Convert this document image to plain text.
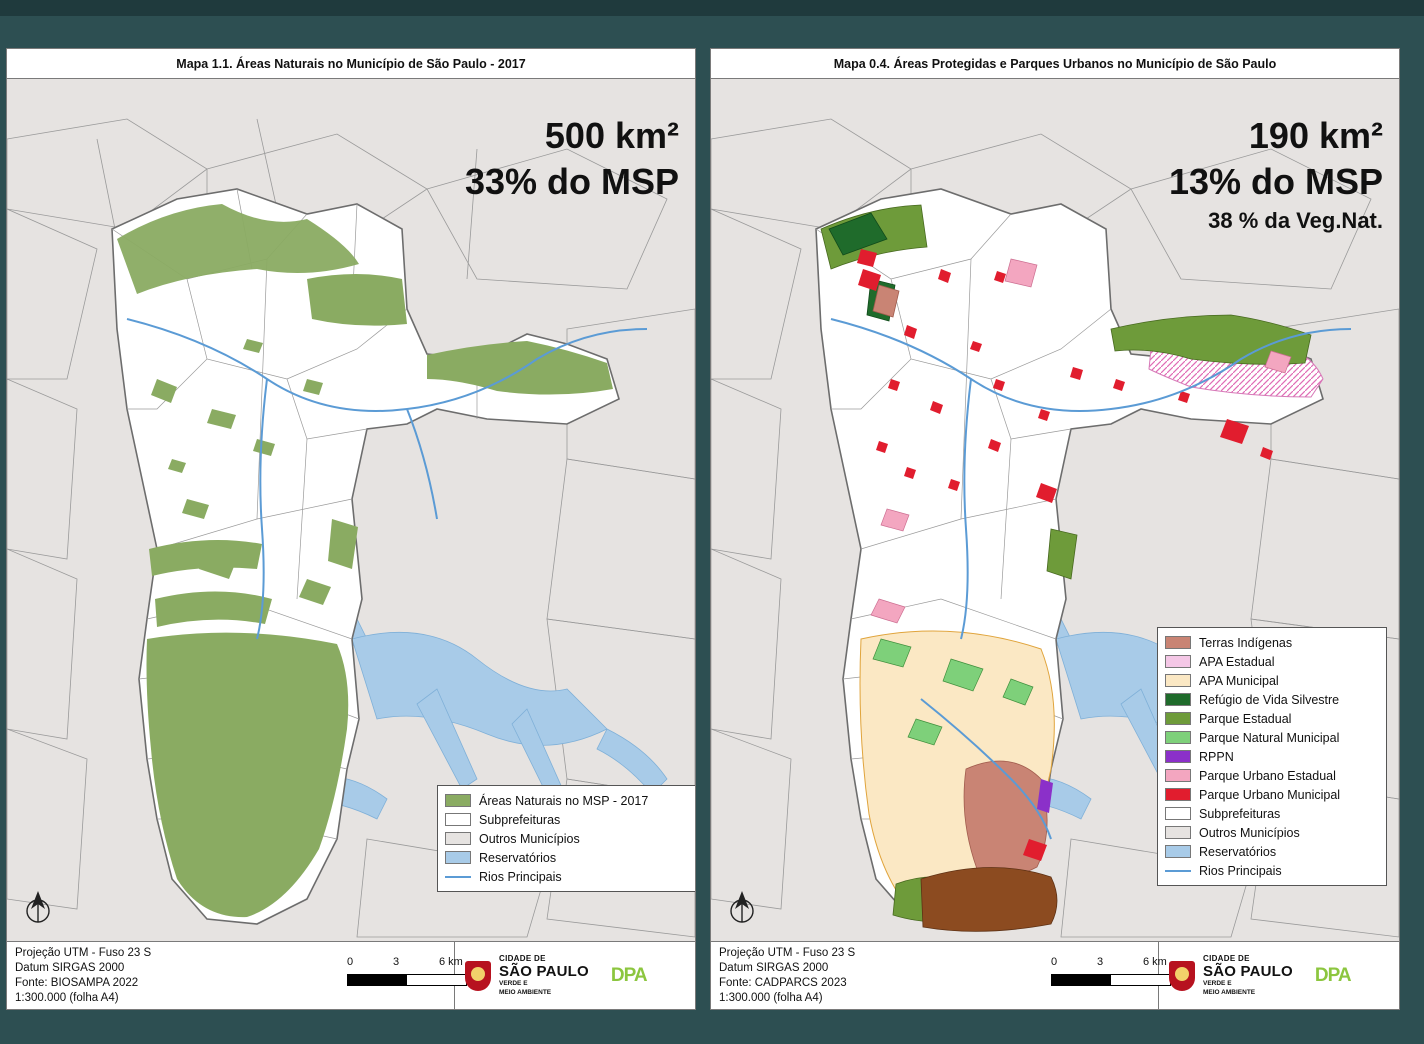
Mapa 1.1. Áreas Naturais no Município de São Paulo - 2017
500 km²
33% do MSP
Áreas Naturais no MSP - 2017
Subprefeituras
Outros Municípios
Reservatórios
Rios Principais
Projeção UTM - Fuso 23 S
Datum SIRGAS 2000
Fonte: BIOSAMPA 2022
1:300.000 (folha A4)
0	3	6 km	CIDADE DE
SÃO PAULO
VERDE E
MEIO AMBIENTE
DPA
Mapa 0.4. Áreas Protegidas e Parques Urbanos no Município de São Paulo
190 km²
13% do MSP
38 % da Veg.Nat.
Terras Indígenas
APA Estadual
APA Municipal
Refúgio de Vida Silvestre
Parque Estadual
Parque Natural Municipal
RPPN
Parque Urbano Estadual
Parque Urbano Municipal
Subprefeituras
Outros Municípios
Reservatórios
Rios Principais
Projeção UTM - Fuso 23 S
Datum SIRGAS 2000
Fonte: CADPARCS 2023
1:300.000 (folha A4)
0	3	6 km	CIDADE DE
SÃO PAULO
VERDE E
MEIO AMBIENTE
DPA
